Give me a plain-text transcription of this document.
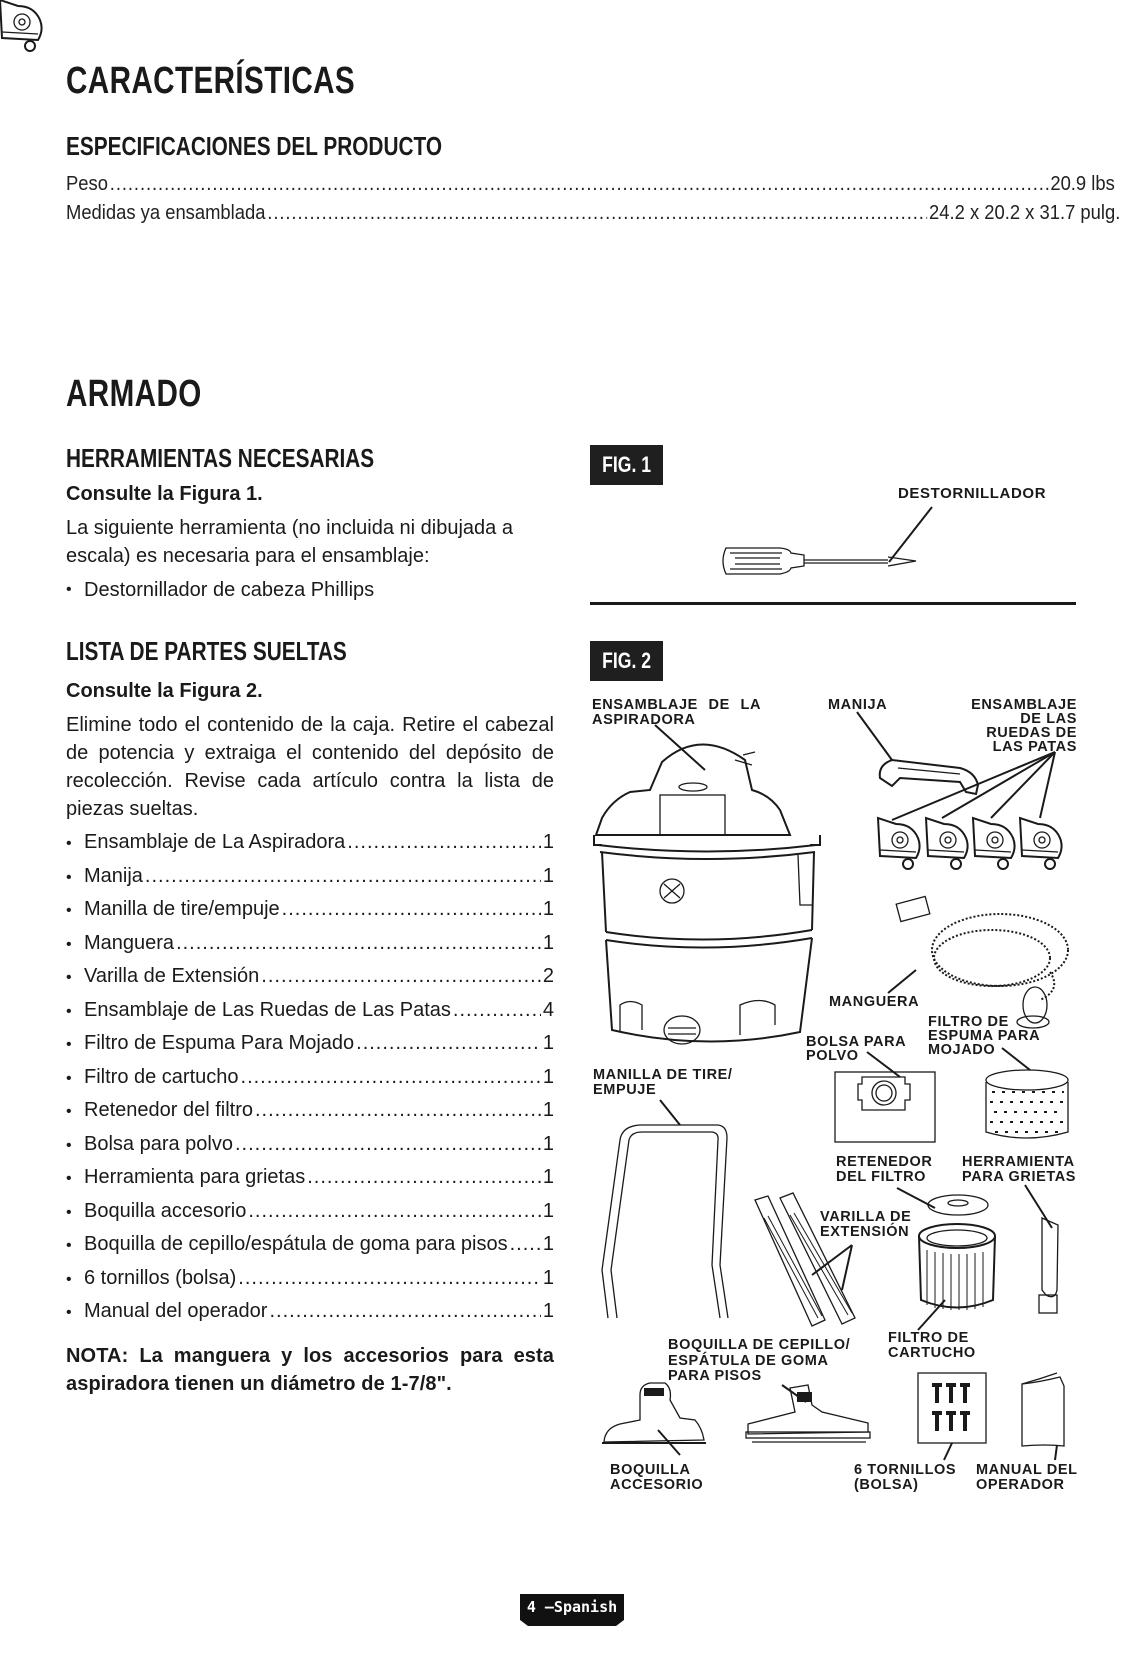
CARACTERÍSTICAS
ESPECIFICACIONES DEL PRODUCTO
Peso .....	20.9 lbs
Medidas ya ensamblada .....	24.2 x 20.2 x 31.7 pulg.
ARMADO
HERRAMIENTAS NECESARIAS
Consulte la Figura 1.
La siguiente herramienta (no incluida ni dibujada a escala) es necesaria para el ensamblaje:
• Destornillador de cabeza Phillips
LISTA DE PARTES SUELTAS
Consulte la Figura 2.
Elimine todo el contenido de la caja. Retire el cabezal de potencia y extraiga el contenido del depósito de recolección. Revise cada artículo contra la lista de piezas sueltas.
• Ensamblaje de La Aspiradora .....	1
• Manija .....	1
• Manilla de tire/empuje .....	1
• Manguera .....	1
• Varilla de Extensión .....	2
• Ensamblaje de Las Ruedas de Las Patas .....	4
• Filtro de Espuma Para Mojado .....	1
• Filtro de cartucho .....	1
• Retenedor del filtro .....	1
• Bolsa para polvo .....	1
• Herramienta para grietas .....	1
• Boquilla accesorio .....	1
• Boquilla de cepillo/espátula de goma para pisos ..... 1
• 6 tornillos (bolsa) .....	1
• Manual del operador .....	1
NOTA: La manguera y los accesorios para esta aspiradora tienen un diámetro de 1-7/8".
FIG. 1
DESTORNILLADOR
FIG. 2
ENSAMBLAJE DE LA
ASPIRADORA
MANIJA	ENSAMBLAJE
DE LAS
RUEDAS DE
LAS PATAS
MANGUERA
FILTRO DE
ESPUMA PARA
MOJADO
BOLSA PARA
POLVO
MANILLA DE TIRE/
EMPUJE
RETENEDOR
DEL FILTRO
HERRAMIENTA
PARA GRIETAS
VARILLA DE
EXTENSIÓN
FILTRO DE
CARTUCHO
BOQUILLA DE CEPILLO/
ESPÁTULA DE GOMA
PARA PISOS
BOQUILLA
ACCESORIO
6 TORNILLOS
(BOLSA)
MANUAL DEL
OPERADOR
4 –Spanish
